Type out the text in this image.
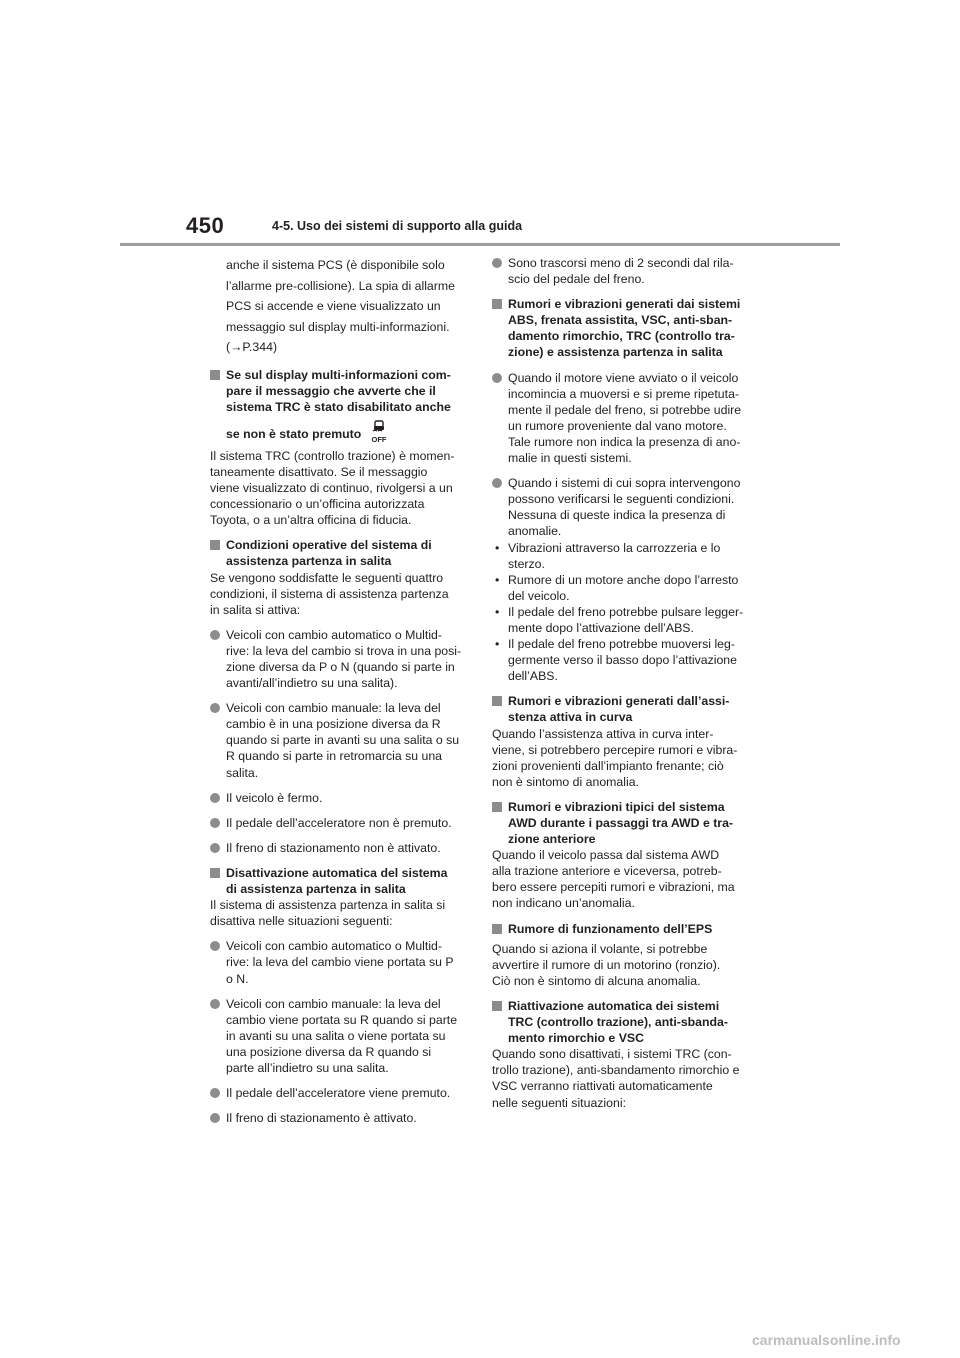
450	4-5. Uso dei sistemi di supporto alla guida
anche il sistema PCS (è disponibile solo
l’allarme pre-collisione). La spia di allarme
PCS si accende e viene visualizzato un
messaggio sul display multi-informazioni.
(→P.344)
Se sul display multi-informazioni com-
pare il messaggio che avverte che il
sistema TRC è stato disabilitato anche
se non è stato premuto OFF
Il sistema TRC (controllo trazione) è momen-
taneamente disattivato. Se il messaggio
viene visualizzato di continuo, rivolgersi a un
concessionario o un’officina autorizzata
Toyota, o a un’altra officina di fiducia.
Condizioni operative del sistema di
assistenza partenza in salita
Se vengono soddisfatte le seguenti quattro
condizioni, il sistema di assistenza partenza
in salita si attiva:
Veicoli con cambio automatico o Multid-
rive: la leva del cambio si trova in una posi-
zione diversa da P o N (quando si parte in
avanti/all’indietro su una salita).
Veicoli con cambio manuale: la leva del
cambio è in una posizione diversa da R
quando si parte in avanti su una salita o su
R quando si parte in retromarcia su una
salita.
Il veicolo è fermo.
Il pedale dell’acceleratore non è premuto.
Il freno di stazionamento non è attivato.
Disattivazione automatica del sistema
di assistenza partenza in salita
Il sistema di assistenza partenza in salita si
disattiva nelle situazioni seguenti:
Veicoli con cambio automatico o Multid-
rive: la leva del cambio viene portata su P
o N.
Veicoli con cambio manuale: la leva del
cambio viene portata su R quando si parte
in avanti su una salita o viene portata su
una posizione diversa da R quando si
parte all’indietro su una salita.
Il pedale dell’acceleratore viene premuto.
Il freno di stazionamento è attivato.
Sono trascorsi meno di 2 secondi dal rila-
scio del pedale del freno.
Rumori e vibrazioni generati dai sistemi
ABS, frenata assistita, VSC, anti-sban-
damento rimorchio, TRC (controllo tra-
zione) e assistenza partenza in salita
Quando il motore viene avviato o il veicolo
incomincia a muoversi e si preme ripetuta-
mente il pedale del freno, si potrebbe udire
un rumore proveniente dal vano motore.
Tale rumore non indica la presenza di ano-
malie in questi sistemi.
Quando i sistemi di cui sopra intervengono
possono verificarsi le seguenti condizioni.
Nessuna di queste indica la presenza di
anomalie.
• Vibrazioni attraverso la carrozzeria e lo
sterzo.
• Rumore di un motore anche dopo l’arresto
del veicolo.
• Il pedale del freno potrebbe pulsare legger-
mente dopo l’attivazione dell’ABS.
• Il pedale del freno potrebbe muoversi leg-
germente verso il basso dopo l’attivazione
dell’ABS.
Rumori e vibrazioni generati dall’assi-
stenza attiva in curva
Quando l’assistenza attiva in curva inter-
viene, si potrebbero percepire rumori e vibra-
zioni provenienti dall’impianto frenante; ciò
non è sintomo di anomalia.
Rumori e vibrazioni tipici del sistema
AWD durante i passaggi tra AWD e tra-
zione anteriore
Quando il veicolo passa dal sistema AWD
alla trazione anteriore e viceversa, potreb-
bero essere percepiti rumori e vibrazioni, ma
non indicano un’anomalia.
Rumore di funzionamento dell’EPS
Quando si aziona il volante, si potrebbe
avvertire il rumore di un motorino (ronzio).
Ciò non è sintomo di alcuna anomalia.
Riattivazione automatica dei sistemi
TRC (controllo trazione), anti-sbanda-
mento rimorchio e VSC
Quando sono disattivati, i sistemi TRC (con-
trollo trazione), anti-sbandamento rimorchio e
VSC verranno riattivati automaticamente
nelle seguenti situazioni:
carmanualsonline.info
